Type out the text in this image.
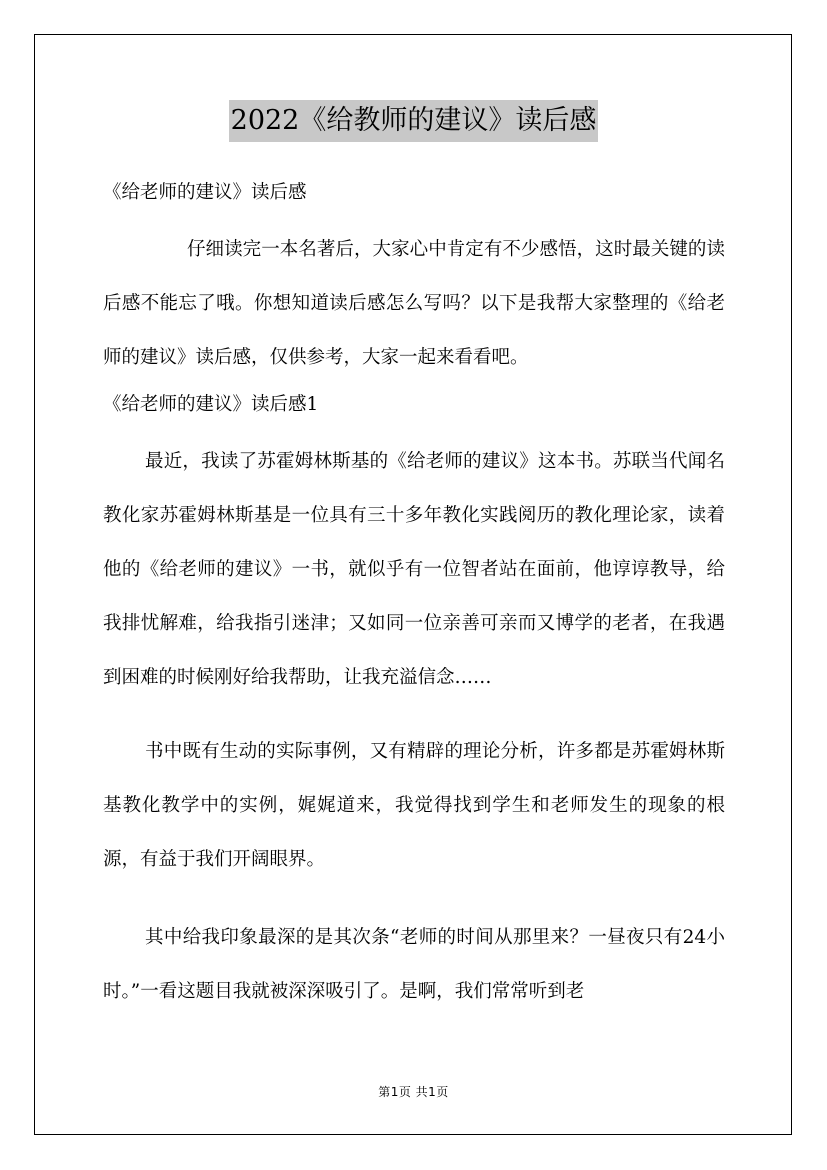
2022《给教师的建议》读后感

《给老师的建议》读后感

仔细读完一本名著后，大家心中肯定有不少感悟，这时最关键的读后感不能忘了哦。你想知道读后感怎么写吗？以下是我帮大家整理的《给老师的建议》读后感，仅供参考，大家一起来看看吧。

《给老师的建议》读后感1

最近，我读了苏霍姆林斯基的《给老师的建议》这本书。苏联当代闻名教化家苏霍姆林斯基是一位具有三十多年教化实践阅历的教化理论家，读着他的《给老师的建议》一书，就似乎有一位智者站在面前，他谆谆教导，给我排忧解难，给我指引迷津；又如同一位亲善可亲而又博学的老者，在我遇到困难的时候刚好给我帮助，让我充溢信念……

书中既有生动的实际事例，又有精辟的理论分析，许多都是苏霍姆林斯基教化教学中的实例，娓娓道来，我觉得找到学生和老师发生的现象的根源，有益于我们开阔眼界。

其中给我印象最深的是其次条“老师的时间从那里来？一昼夜只有24小时。”一看这题目我就被深深吸引了。是啊，我们常常听到老

第1页 共1页
